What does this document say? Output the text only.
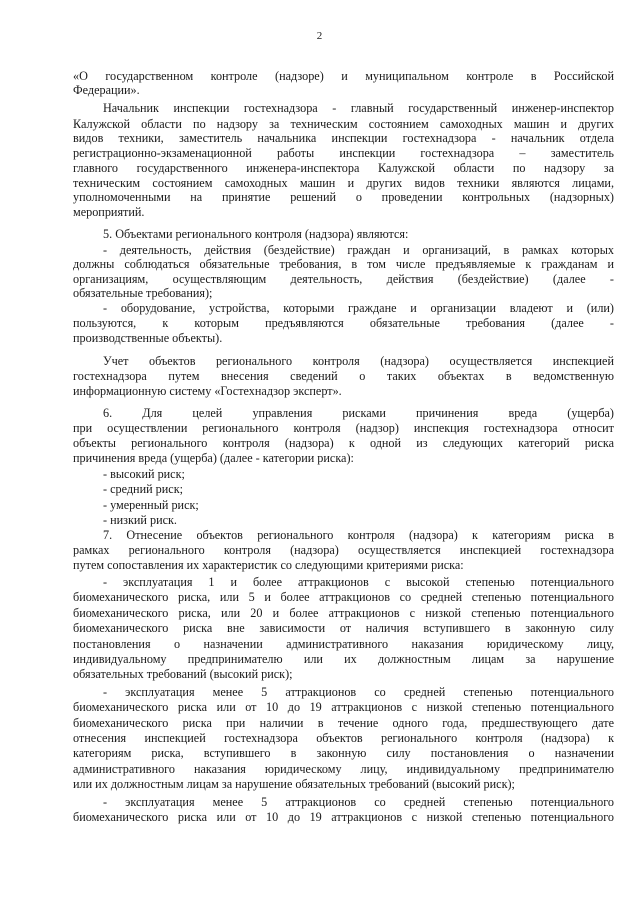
2
«О государственном контроле (надзоре) и муниципальном контроле в Российской
Федерации».
Начальник инспекции гостехнадзора - главный государственный инженер-инспектор
Калужской области по надзору за техническим состоянием самоходных машин и других
видов техники, заместитель начальника инспекции гостехнадзора - начальник отдела
регистрационно-экзаменационной работы инспекции гостехнадзора – заместитель
главного государственного инженера-инспектора Калужской области по надзору за
техническим состоянием самоходных машин и других видов техники являются лицами,
уполномоченными на принятие решений о проведении контрольных (надзорных)
мероприятий.
5. Объектами регионального контроля (надзора) являются:
- деятельность, действия (бездействие) граждан и организаций, в рамках которых
должны соблюдаться обязательные требования, в том числе предъявляемые к гражданам и
организациям, осуществляющим деятельность, действия (бездействие) (далее -
обязательные требования);
- оборудование, устройства, которыми граждане и организации владеют и (или)
пользуются, к которым предъявляются обязательные требования (далее -
производственные объекты).
Учет объектов регионального контроля (надзора) осуществляется инспекцией
гостехнадзора путем внесения сведений о таких объектах в ведомственную
информационную систему «Гостехнадзор эксперт».
6. Для целей управления рисками причинения вреда (ущерба)
при осуществлении регионального контроля (надзор) инспекция гостехнадзора относит
объекты регионального контроля (надзора) к одной из следующих категорий риска
причинения вреда (ущерба) (далее - категории риска):
- высокий риск;
- средний риск;
- умеренный риск;
- низкий риск.
7. Отнесение объектов регионального контроля (надзора) к категориям риска в
рамках регионального контроля (надзора) осуществляется инспекцией гостехнадзора
путем сопоставления их характеристик со следующими критериями риска:
- эксплуатация 1 и более аттракционов с высокой степенью потенциального
биомеханического риска, или 5 и более аттракционов со средней степенью потенциального
биомеханического риска, или 20 и более аттракционов с низкой степенью потенциального
биомеханического риска вне зависимости от наличия вступившего в законную силу
постановления о назначении административного наказания юридическому лицу,
индивидуальному предпринимателю или их должностным лицам за нарушение
обязательных требований (высокий риск);
- эксплуатация менее 5 аттракционов со средней степенью потенциального
биомеханического риска или от 10 до 19 аттракционов с низкой степенью потенциального
биомеханического риска при наличии в течение одного года, предшествующего дате
отнесения инспекцией гостехнадзора объектов регионального контроля (надзора) к
категориям риска, вступившего в законную силу постановления о назначении
административного наказания юридическому лицу, индивидуальному предпринимателю
или их должностным лицам за нарушение обязательных требований (высокий риск);
- эксплуатация менее 5 аттракционов со средней степенью потенциального
биомеханического риска или от 10 до 19 аттракционов с низкой степенью потенциального
